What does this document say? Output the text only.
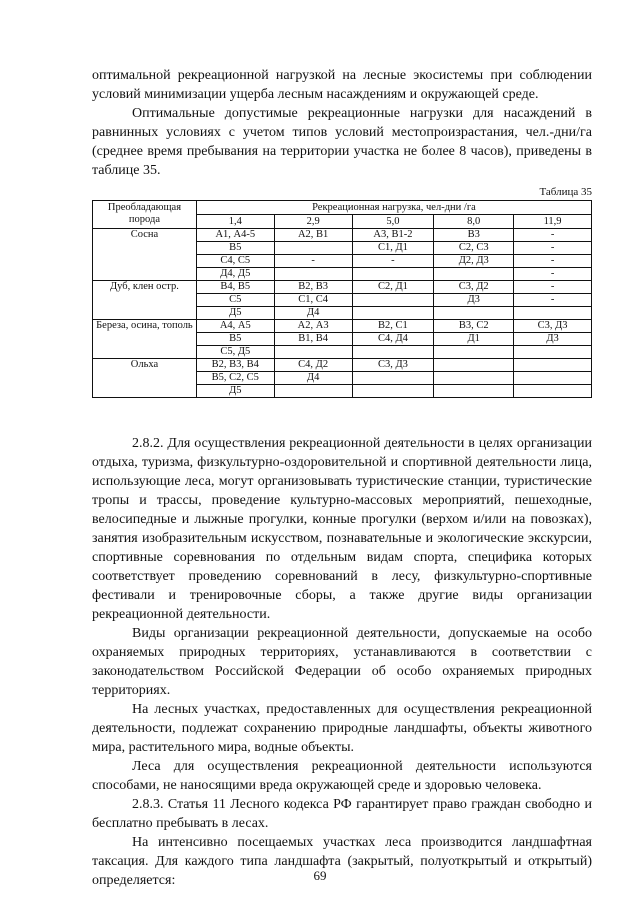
оптимальной рекреационной нагрузкой на лесные экосистемы при соблюдении условий минимизации ущерба лесным насаждениям и окружающей среде.

Оптимальные допустимые рекреационные нагрузки для насаждений в равнинных условиях с учетом типов условий местопроизрастания, чел.-дни/га (среднее время пребывания на территории участка не более 8 часов), приведены в таблице 35.

Таблица 35
Преобладающая порода	Рекреационная нагрузка, чел-дни /га				
	1,4	2,9	5,0	8,0	11,9
Сосна	А1, А4-5	А2, В1	А3, В1-2	В3	-
	В5		С1, Д1	С2, С3	-
	С4, С5	-	-	Д2, Д3	-
	Д4, Д5				-
Дуб, клен остр.	В4, В5	В2, В3	С2, Д1	С3, Д2	-
	С5	С1, С4		Д3	-
	Д5	Д4			
Береза, осина, тополь	А4, А5	А2, А3	В2, С1	В3, С2	С3, Д3
	В5	В1, В4	С4, Д4	Д1	Д3
	С5, Д5				
Ольха	В2, В3, В4	С4, Д2	С3, Д3		
	В5, С2, С5	Д4			
	Д5				

2.8.2. Для осуществления рекреационной деятельности в целях организации отдыха, туризма, физкультурно-оздоровительной и спортивной деятельности лица, использующие леса, могут организовывать туристические станции, туристические тропы и трассы, проведение культурно-массовых мероприятий, пешеходные, велосипедные и лыжные прогулки, конные прогулки (верхом и/или на повозках), занятия изобразительным искусством, познавательные и экологические экскурсии, спортивные соревнования по отдельным видам спорта, специфика которых соответствует проведению соревнований в лесу, физкультурно-спортивные фестивали и тренировочные сборы, а также другие виды организации рекреационной деятельности.

Виды организации рекреационной деятельности, допускаемые на особо охраняемых природных территориях, устанавливаются в соответствии с законодательством Российской Федерации об особо охраняемых природных территориях.

На лесных участках, предоставленных для осуществления рекреационной деятельности, подлежат сохранению природные ландшафты, объекты животного мира, растительного мира, водные объекты.

Леса для осуществления рекреационной деятельности используются способами, не наносящими вреда окружающей среде и здоровью человека.

2.8.3. Статья 11 Лесного кодекса РФ гарантирует право граждан свободно и бесплатно пребывать в лесах.

На интенсивно посещаемых участках леса производится ландшафтная таксация. Для каждого типа ландшафта (закрытый, полуоткрытый и открытый) определяется:	69
